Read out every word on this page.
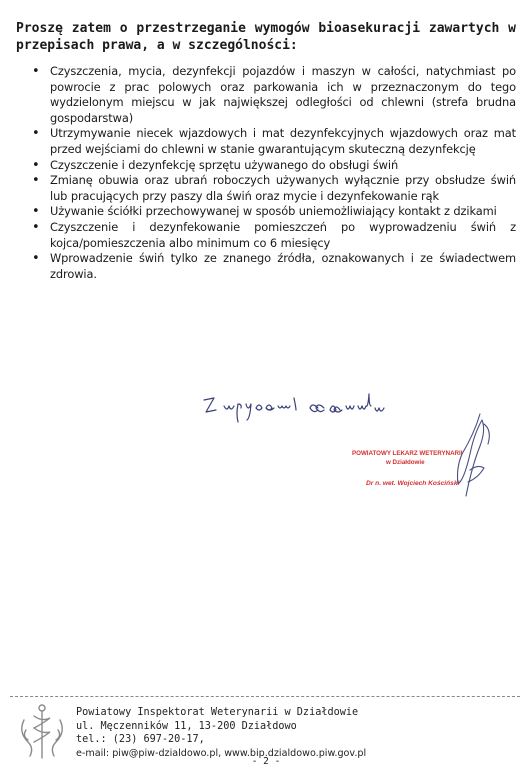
Proszę zatem o przestrzeganie wymogów bioasekuracji zawartych w przepisach prawa, a w szczególności:

• Czyszczenia, mycia, dezynfekcji pojazdów i maszyn w całości, natychmiast po powrocie z prac polowych oraz parkowania ich w przeznaczonym do tego wydzielonym miejscu w jak największej odległości od chlewni (strefa brudna gospodarstwa)
• Utrzymywanie niecek wjazdowych i mat dezynfekcyjnych wjazdowych oraz mat przed wejściami do chlewni w stanie gwarantującym skuteczną dezynfekcję
• Czyszczenie i dezynfekcję sprzętu używanego do obsługi świń
• Zmianę obuwia oraz ubrań roboczych używanych wyłącznie przy obsłudze świń lub pracujących przy paszy dla świń oraz mycie i dezynfekowanie rąk
• Używanie ściółki przechowywanej w sposób uniemożliwiający kontakt z dzikami
• Czyszczenie i dezynfekowanie pomieszczeń po wyprowadzeniu świń z kojca/pomieszczenia albo minimum co 6 miesięcy
• Wprowadzenie świń tylko ze znanego źródła, oznakowanych i ze świadectwem zdrowia.
POWIATOWY LEKARZ WETERYNARII
w Działdowie
Dr n. wet. Wojciech Kościński
Powiatowy Inspektorat Weterynarii w Działdowie
ul. Męczenników 11, 13-200 Działdowo
tel.: (23) 697-20-17,
e-mail: piw@piw-dzialdowo.pl, www.bip.dzialdowo.piw.gov.pl
- 2 -
